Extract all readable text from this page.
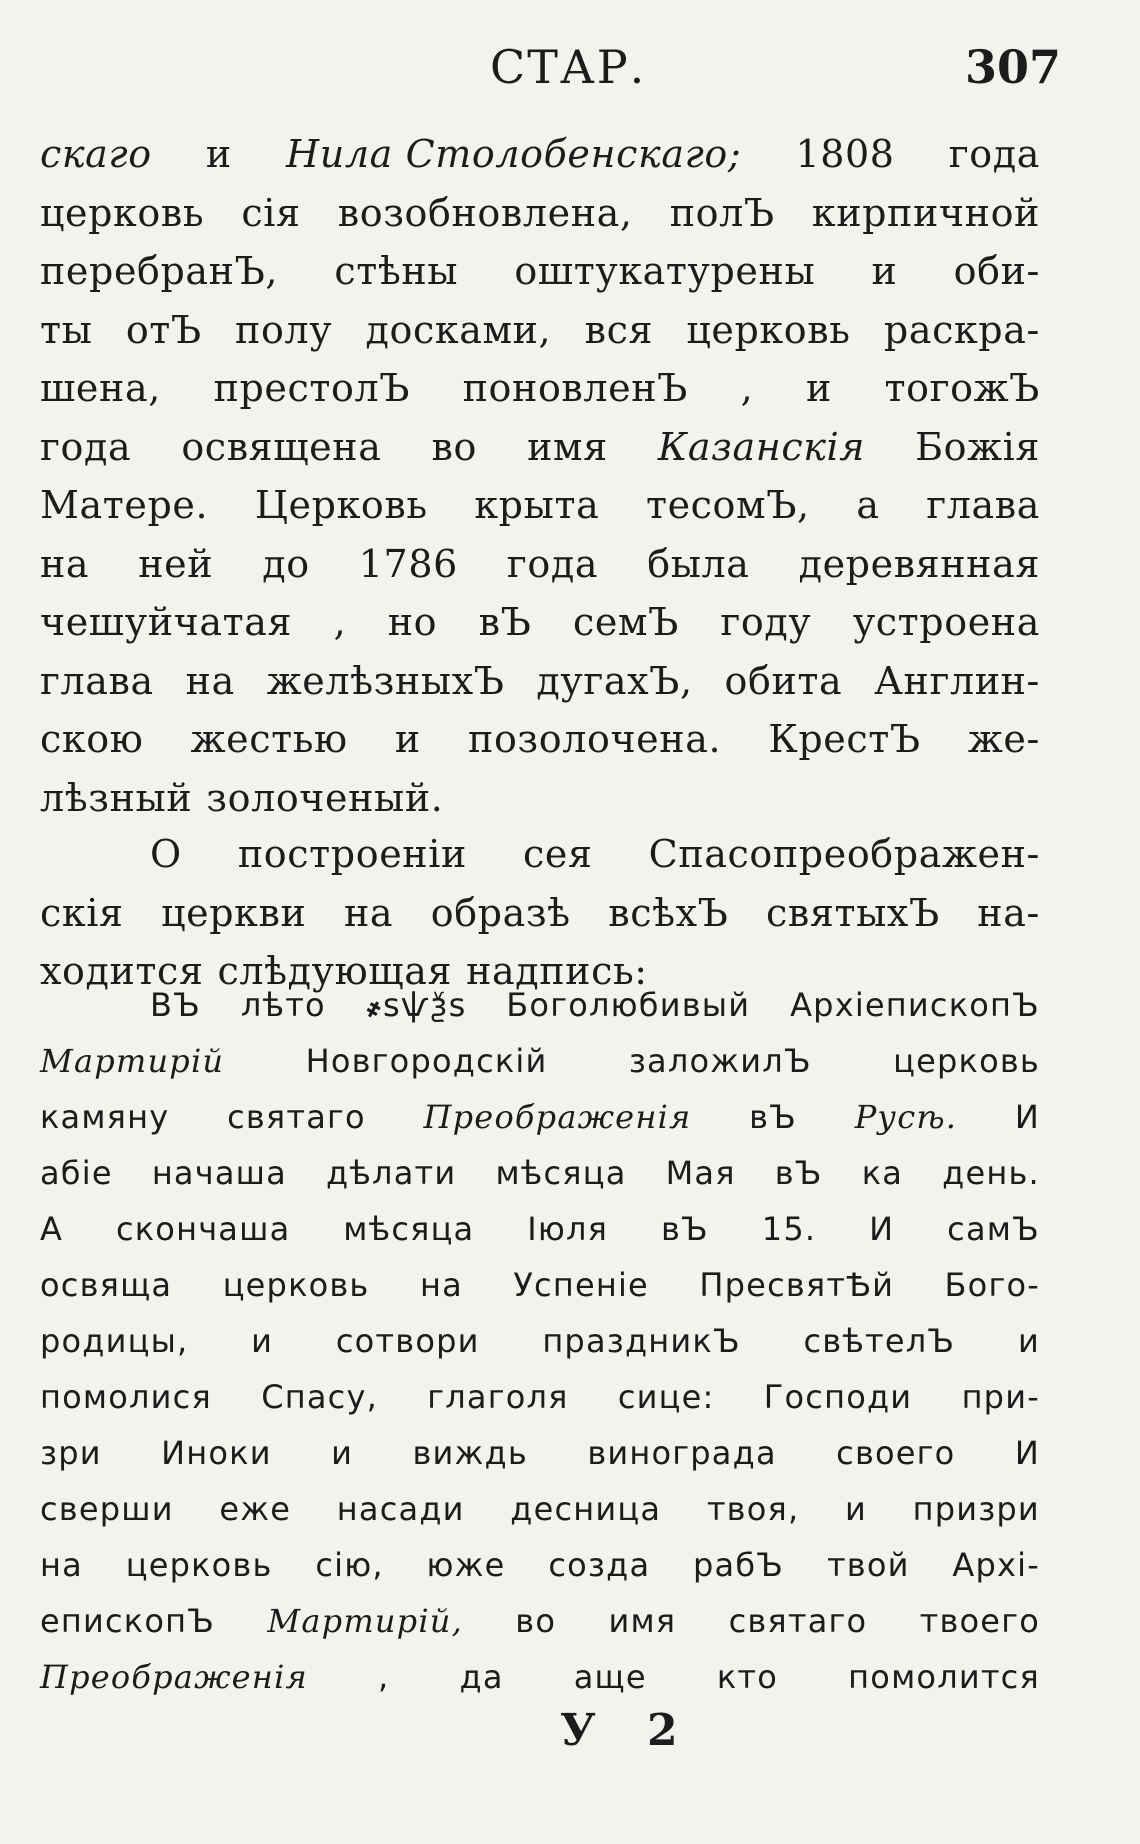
СТАР.	307
скаго и Нила Столобенскаго; 1808 года
церковь сія возобновлена, полЪ кирпичной
перебранЪ, стѣны оштукатурены и оби-
ты отЪ полу досками, вся церковь раскра-
шена, престолЪ поновленЪ , и тогожЪ
года освящена во имя Казанскія Божія
Матере. Церковь крыта тесомЪ, а глава
на ней до 1786 года была деревянная
чешуйчатая , но вЪ семЪ году устроена
глава на желѣзныхЪ дугахЪ, обита Англин-
скою жестью и позолочена. КрестЪ же-
лѣзный золоченый.
О построеніи сея Спасопреображен-
скія церкви на образѣ всѣхЪ святыхЪ на-
ходится слѣдующая надпись:
ВЪ лѣто ҂ѕѱѯѕ Боголюбивый АрхіепископЪ
Мартирій	Новгородскій	заложилЪ	церковь
камяну святаго Преображенія вЪ Русѣ. И
абіе начаша дѣлати мѣсяца Мая вЪ ка день.
А скончаша мѣсяца Іюля вЪ 15. И самЪ
освяща церковь на Успеніе ПресвятѢй Бого-
родицы, и сотвори праздникЪ свѣтелЪ и
помолися Спасу, глаголя сице: Господи при-
зри Иноки и виждь винограда своего И
сверши еже насади десница твоя, и призри
на церковь сію, юже созда рабЪ твой Архі-
епископЪ Мартирій, во имя святаго твоего
Преображенія , да аще кто помолится
У 2
